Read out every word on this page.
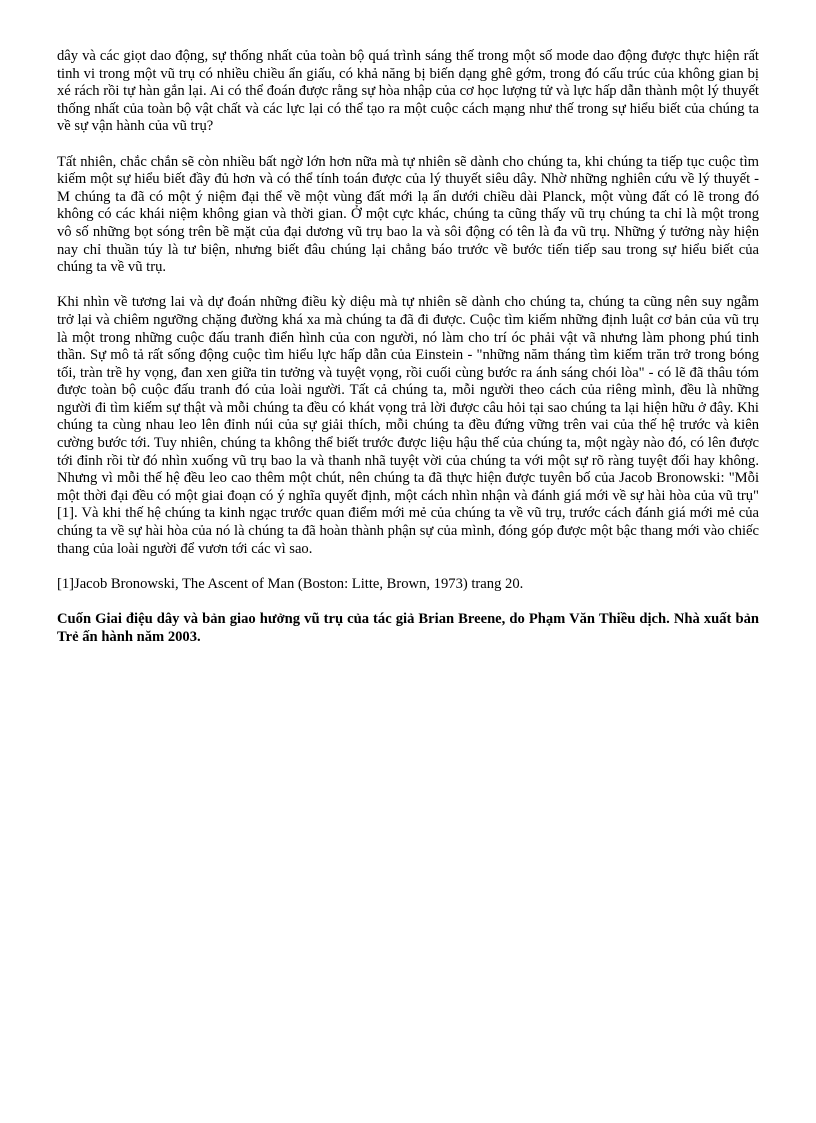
dây và các giọt dao động, sự thống nhất của toàn bộ quá trình sáng thế trong một số mode dao động được thực hiện rất tinh vi trong một vũ trụ có nhiều chiều ẩn giấu, có khả năng bị biến dạng ghê gớm, trong đó cấu trúc của không gian bị xé rách rồi tự hàn gắn lại. Ai có thể đoán được rằng sự hòa nhập của cơ học lượng tử và lực hấp dẫn thành một lý thuyết thống nhất của toàn bộ vật chất và các lực lại có thể tạo ra một cuộc cách mạng như thế trong sự hiểu biết của chúng ta về sự vận hành của vũ trụ?

Tất nhiên, chắc chắn sẽ còn nhiều bất ngờ lớn hơn nữa mà tự nhiên sẽ dành cho chúng ta, khi chúng ta tiếp tục cuộc tìm kiếm một sự hiểu biết đầy đủ hơn và có thể tính toán được của lý thuyết siêu dây. Nhờ những nghiên cứu về lý thuyết - M chúng ta đã có một ý niệm đại thể về một vùng đất mới lạ ẩn dưới chiều dài Planck, một vùng đất có lẽ trong đó không có các khái niệm không gian và thời gian. Ở một cực khác, chúng ta cũng thấy vũ trụ chúng ta chỉ là một trong vô số những bọt sóng trên bề mặt của đại dương vũ trụ bao la và sôi động có tên là đa vũ trụ. Những ý tưởng này hiện nay chỉ thuần túy là tư biện, nhưng biết đâu chúng lại chẳng báo trước về bước tiến tiếp sau trong sự hiểu biết của chúng ta về vũ trụ.

Khi nhìn về tương lai và dự đoán những điều kỳ diệu mà tự nhiên sẽ dành cho chúng ta, chúng ta cũng nên suy ngẫm trở lại và chiêm ngưỡng chặng đường khá xa mà chúng ta đã đi được. Cuộc tìm kiếm những định luật cơ bản của vũ trụ là một trong những cuộc đấu tranh điển hình của con người, nó làm cho trí óc phải vật vã nhưng làm phong phú tinh thần. Sự mô tả rất sống động cuộc tìm hiểu lực hấp dẫn của Einstein - "những năm tháng tìm kiếm trăn trở trong bóng tối, tràn trề hy vọng, đan xen giữa tin tưởng và tuyệt vọng, rồi cuối cùng bước ra ánh sáng chói lòa" - có lẽ đã thâu tóm được toàn bộ cuộc đấu tranh đó của loài người. Tất cả chúng ta, mỗi người theo cách của riêng mình, đều là những người đi tìm kiếm sự thật và mỗi chúng ta đều có khát vọng trả lời được câu hỏi tại sao chúng ta lại hiện hữu ở đây. Khi chúng ta cùng nhau leo lên đỉnh núi của sự giải thích, mỗi chúng ta đều đứng vững trên vai của thế hệ trước và kiên cường bước tới. Tuy nhiên, chúng ta không thể biết trước được liệu hậu thế của chúng ta, một ngày nào đó, có lên được tới đỉnh rồi từ đó nhìn xuống vũ trụ bao la và thanh nhã tuyệt vời của chúng ta với một sự rõ ràng tuyệt đối hay không. Nhưng vì mỗi thế hệ đều leo cao thêm một chút, nên chúng ta đã thực hiện được tuyên bố của Jacob Bronowski: "Mỗi một thời đại đều có một giai đoạn có ý nghĩa quyết định, một cách nhìn nhận và đánh giá mới về sự hài hòa của vũ trụ" [1]. Và khi thế hệ chúng ta kinh ngạc trước quan điểm mới mẻ của chúng ta về vũ trụ, trước cách đánh giá mới mẻ của chúng ta về sự hài hòa của nó là chúng ta đã hoàn thành phận sự của mình, đóng góp được một bậc thang mới vào chiếc thang của loài người để vươn tới các vì sao.

[1]Jacob Bronowski, The Ascent of Man (Boston: Litte, Brown, 1973) trang 20.

Cuốn Giai điệu dây và bản giao hưởng vũ trụ của tác giả Brian Breene, do Phạm Văn Thiều dịch. Nhà xuất bản Trẻ ấn hành năm 2003.
